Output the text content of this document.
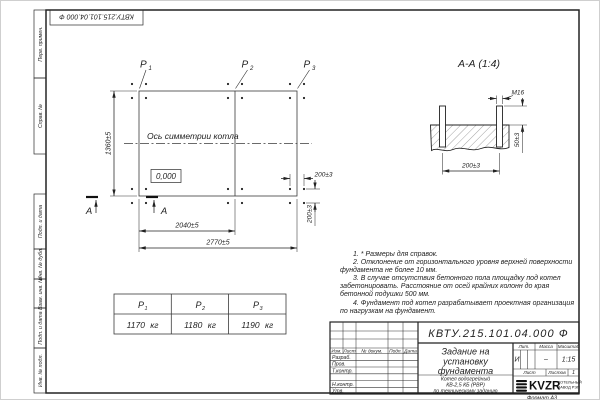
Перв. примен.
Справ. №
Подп. и дата
Инв. № дубл.
Взам. инв. №
Подп. и дата
Инв. № подл.
КВТУ.215.101.04.000 Ф
Р 1	Р 2	Р 3
Ось симметрии котла
0,000
1360±5
2040±5
2770±5
200±3
200±3
А	А
А-А (1:4)
М16
50±3
200±3
Р 1	Р 2	Р 3
1170 кг	1180 кг	1190 кг
КВТУ.215.101.04.000 Ф
Задание на
установку
фундамента
Котел водогрейный
КВ-2,5 КБ (РВР)
по техническому заданию
Изм. Лист № докум. Подп. Дата
Разраб.
Пров.
Т.контр.
Н.контр.
Утв.
Лит. Масса Масштаб
И	– 1:15
Лист	Листов 1
KVZR
КОТЕЛЬНЫЙ
ЗАВОД РЭП
Формат А3

1. * Размеры для справок.

2. Отклонение от горизонтального уровня верхней поверхности фундамента не более 10 мм.

3. В случае отсутствия бетонного пола площадку под котел забетонировать. Расстояние от осей крайних колонн до края бетонной подушки 500 мм.

4. Фундамент под котел разрабатывает проектная организация по нагрузкам на фундамент.
